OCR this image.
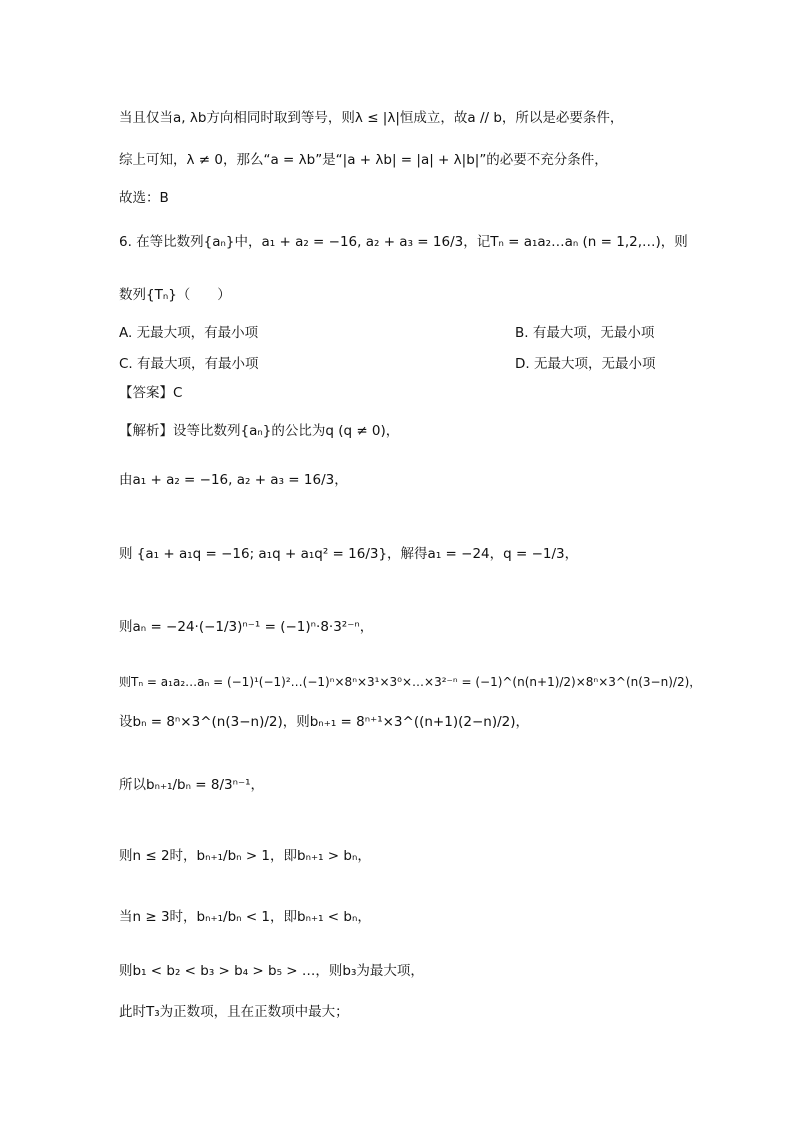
当且仅当a, λb方向相同时取到等号，则λ ≤ |λ|恒成立，故a // b，所以是必要条件，
综上可知，λ ≠ 0，那么“a = λb”是“|a + λb| = |a| + λ|b|”的必要不充分条件，
故选：B
6. 在等比数列{aₙ}中，a₁ + a₂ = −16, a₂ + a₃ = 16/3，记Tₙ = a₁a₂…aₙ (n = 1,2,…)，则
数列{Tₙ}（　　）
A. 无最大项，有最小项	B. 有最大项，无最小项
C. 有最大项，有最小项	D. 无最大项，无最小项
【答案】C
【解析】设等比数列{aₙ}的公比为q (q ≠ 0)，
由a₁ + a₂ = −16, a₂ + a₃ = 16/3，
则 {a₁ + a₁q = −16; a₁q + a₁q² = 16/3}，解得a₁ = −24，q = −1/3，
则aₙ = −24·(−1/3)ⁿ⁻¹ = (−1)ⁿ·8·3²⁻ⁿ，
则Tₙ = a₁a₂…aₙ = (−1)¹(−1)²…(−1)ⁿ×8ⁿ×3¹×3⁰×…×3²⁻ⁿ = (−1)^(n(n+1)/2)×8ⁿ×3^(n(3−n)/2)，
设bₙ = 8ⁿ×3^(n(3−n)/2)，则bₙ₊₁ = 8ⁿ⁺¹×3^((n+1)(2−n)/2)，
所以bₙ₊₁/bₙ = 8/3ⁿ⁻¹，
则n ≤ 2时，bₙ₊₁/bₙ > 1，即bₙ₊₁ > bₙ，
当n ≥ 3时，bₙ₊₁/bₙ < 1，即bₙ₊₁ < bₙ，
则b₁ < b₂ < b₃ > b₄ > b₅ > …，则b₃为最大项，
此时T₃为正数项，且在正数项中最大；
